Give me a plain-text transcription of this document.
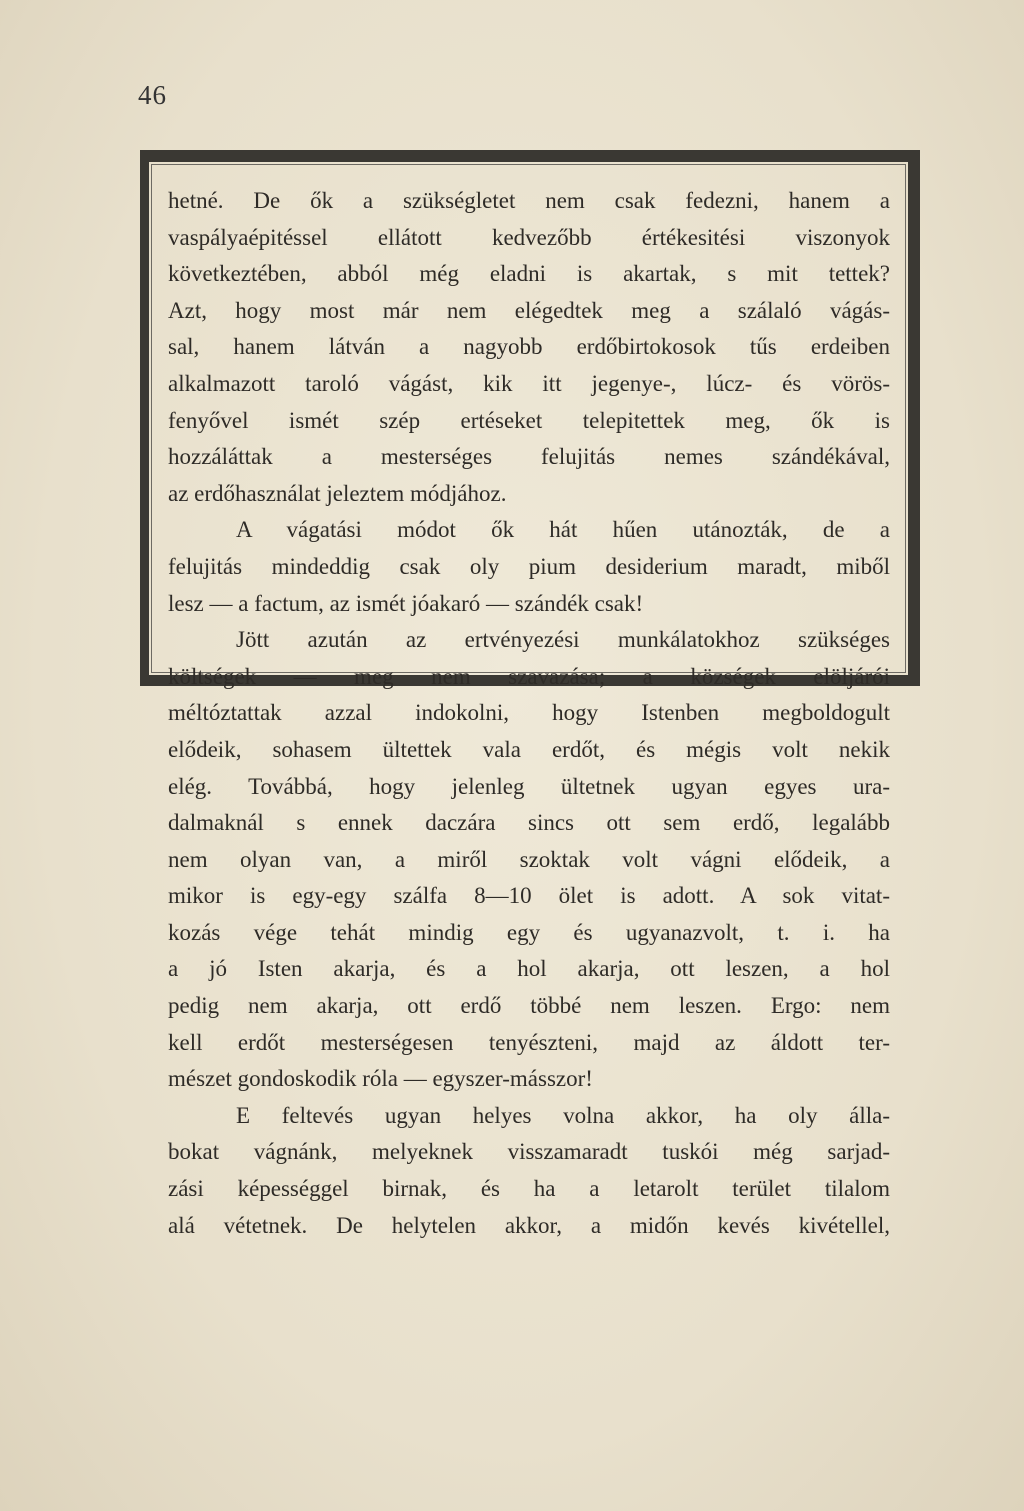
46
hetné. De ők a szükségletet nem csak fedezni, hanem a
vaspályaépitéssel ellátott kedvezőbb értékesitési viszonyok
következtében, abból még eladni is akartak, s mit tettek?
Azt, hogy most már nem elégedtek meg a szálaló vágás-
sal, hanem látván a nagyobb erdőbirtokosok tűs erdeiben
alkalmazott taroló vágást, kik itt jegenye-, lúcz- és vörös-
fenyővel ismét szép ertéseket telepitettek meg, ők is
hozzáláttak a mesterséges felujitás nemes szándékával,
az erdőhasználat jeleztem módjához.
A vágatási módot ők hát hűen utánozták, de a
felujitás mindeddig csak oly pium desiderium maradt, miből
lesz — a factum, az ismét jóakaró — szándék csak!
Jött azután az ertvényezési munkálatokhoz szükséges
költségek — meg nem szavazása; a községek elöljárói
méltóztattak azzal indokolni, hogy Istenben megboldogult
elődeik, sohasem ültettek vala erdőt, és mégis volt nekik
elég. Továbbá, hogy jelenleg ültetnek ugyan egyes ura-
dalmaknál s ennek daczára sincs ott sem erdő, legalább
nem olyan van, a miről szoktak volt vágni elődeik, a
mikor is egy-egy szálfa 8—10 ölet is adott. A sok vitat-
kozás vége tehát mindig egy és ugyanazvolt, t. i. ha
a jó Isten akarja, és a hol akarja, ott leszen, a hol
pedig nem akarja, ott erdő többé nem leszen. Ergo: nem
kell erdőt mesterségesen tenyészteni, majd az áldott ter-
mészet gondoskodik róla — egyszer-másszor!
E feltevés ugyan helyes volna akkor, ha oly álla-
bokat vágnánk, melyeknek visszamaradt tuskói még sarjad-
zási képességgel birnak, és ha a letarolt terület tilalom
alá vétetnek. De helytelen akkor, a midőn kevés kivétellel,
